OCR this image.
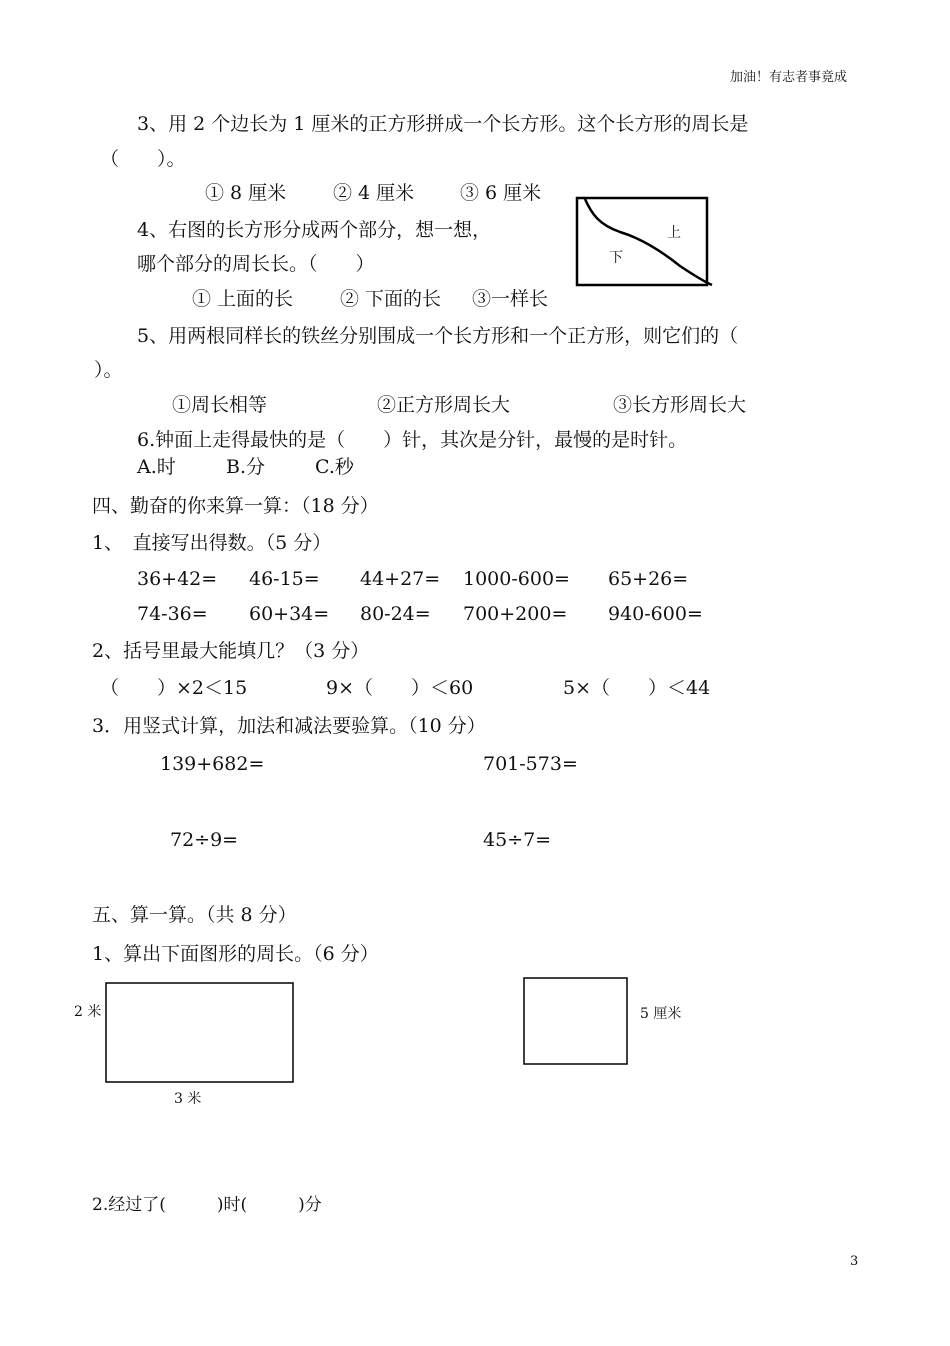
加油！有志者事竟成
3、用 2 个边长为 1 厘米的正方形拼成一个长方形。这个长方形的周长是
（　　）。
① 8 厘米 ② 4 厘米 ③ 6 厘米
4、右图的长方形分成两个部分，想一想，
哪个部分的周长长。（　　）
① 上面的长 ② 下面的长 ③一样长
上
下
5、用两根同样长的铁丝分别围成一个长方形和一个正方形，则它们的（
）。
①周长相等	②正方形周长大	③长方形周长大
6.钟面上走得最快的是（　　）针，其次是分针，最慢的是时针。
A.时	B.分	C.秒
四、勤奋的你来算一算：（18 分）
1、　直接写出得数。（5 分）
36+42= 46-15= 44+27= 1000-600= 65+26=
74-36= 60+34= 80-24= 700+200= 940-600=
2、括号里最大能填几？（3 分）
（　　）×2＜15	9×（　　）＜60	5×（　　）＜44
3．用竖式计算，加法和减法要验算。（10 分）
139+682=	701-573=
72÷9=	45÷7=
五、算一算。（共 8 分）
1、算出下面图形的周长。（6 分）
2 米
3 米
5 厘米
2.经过了(　　　)时(　　　)分
3
